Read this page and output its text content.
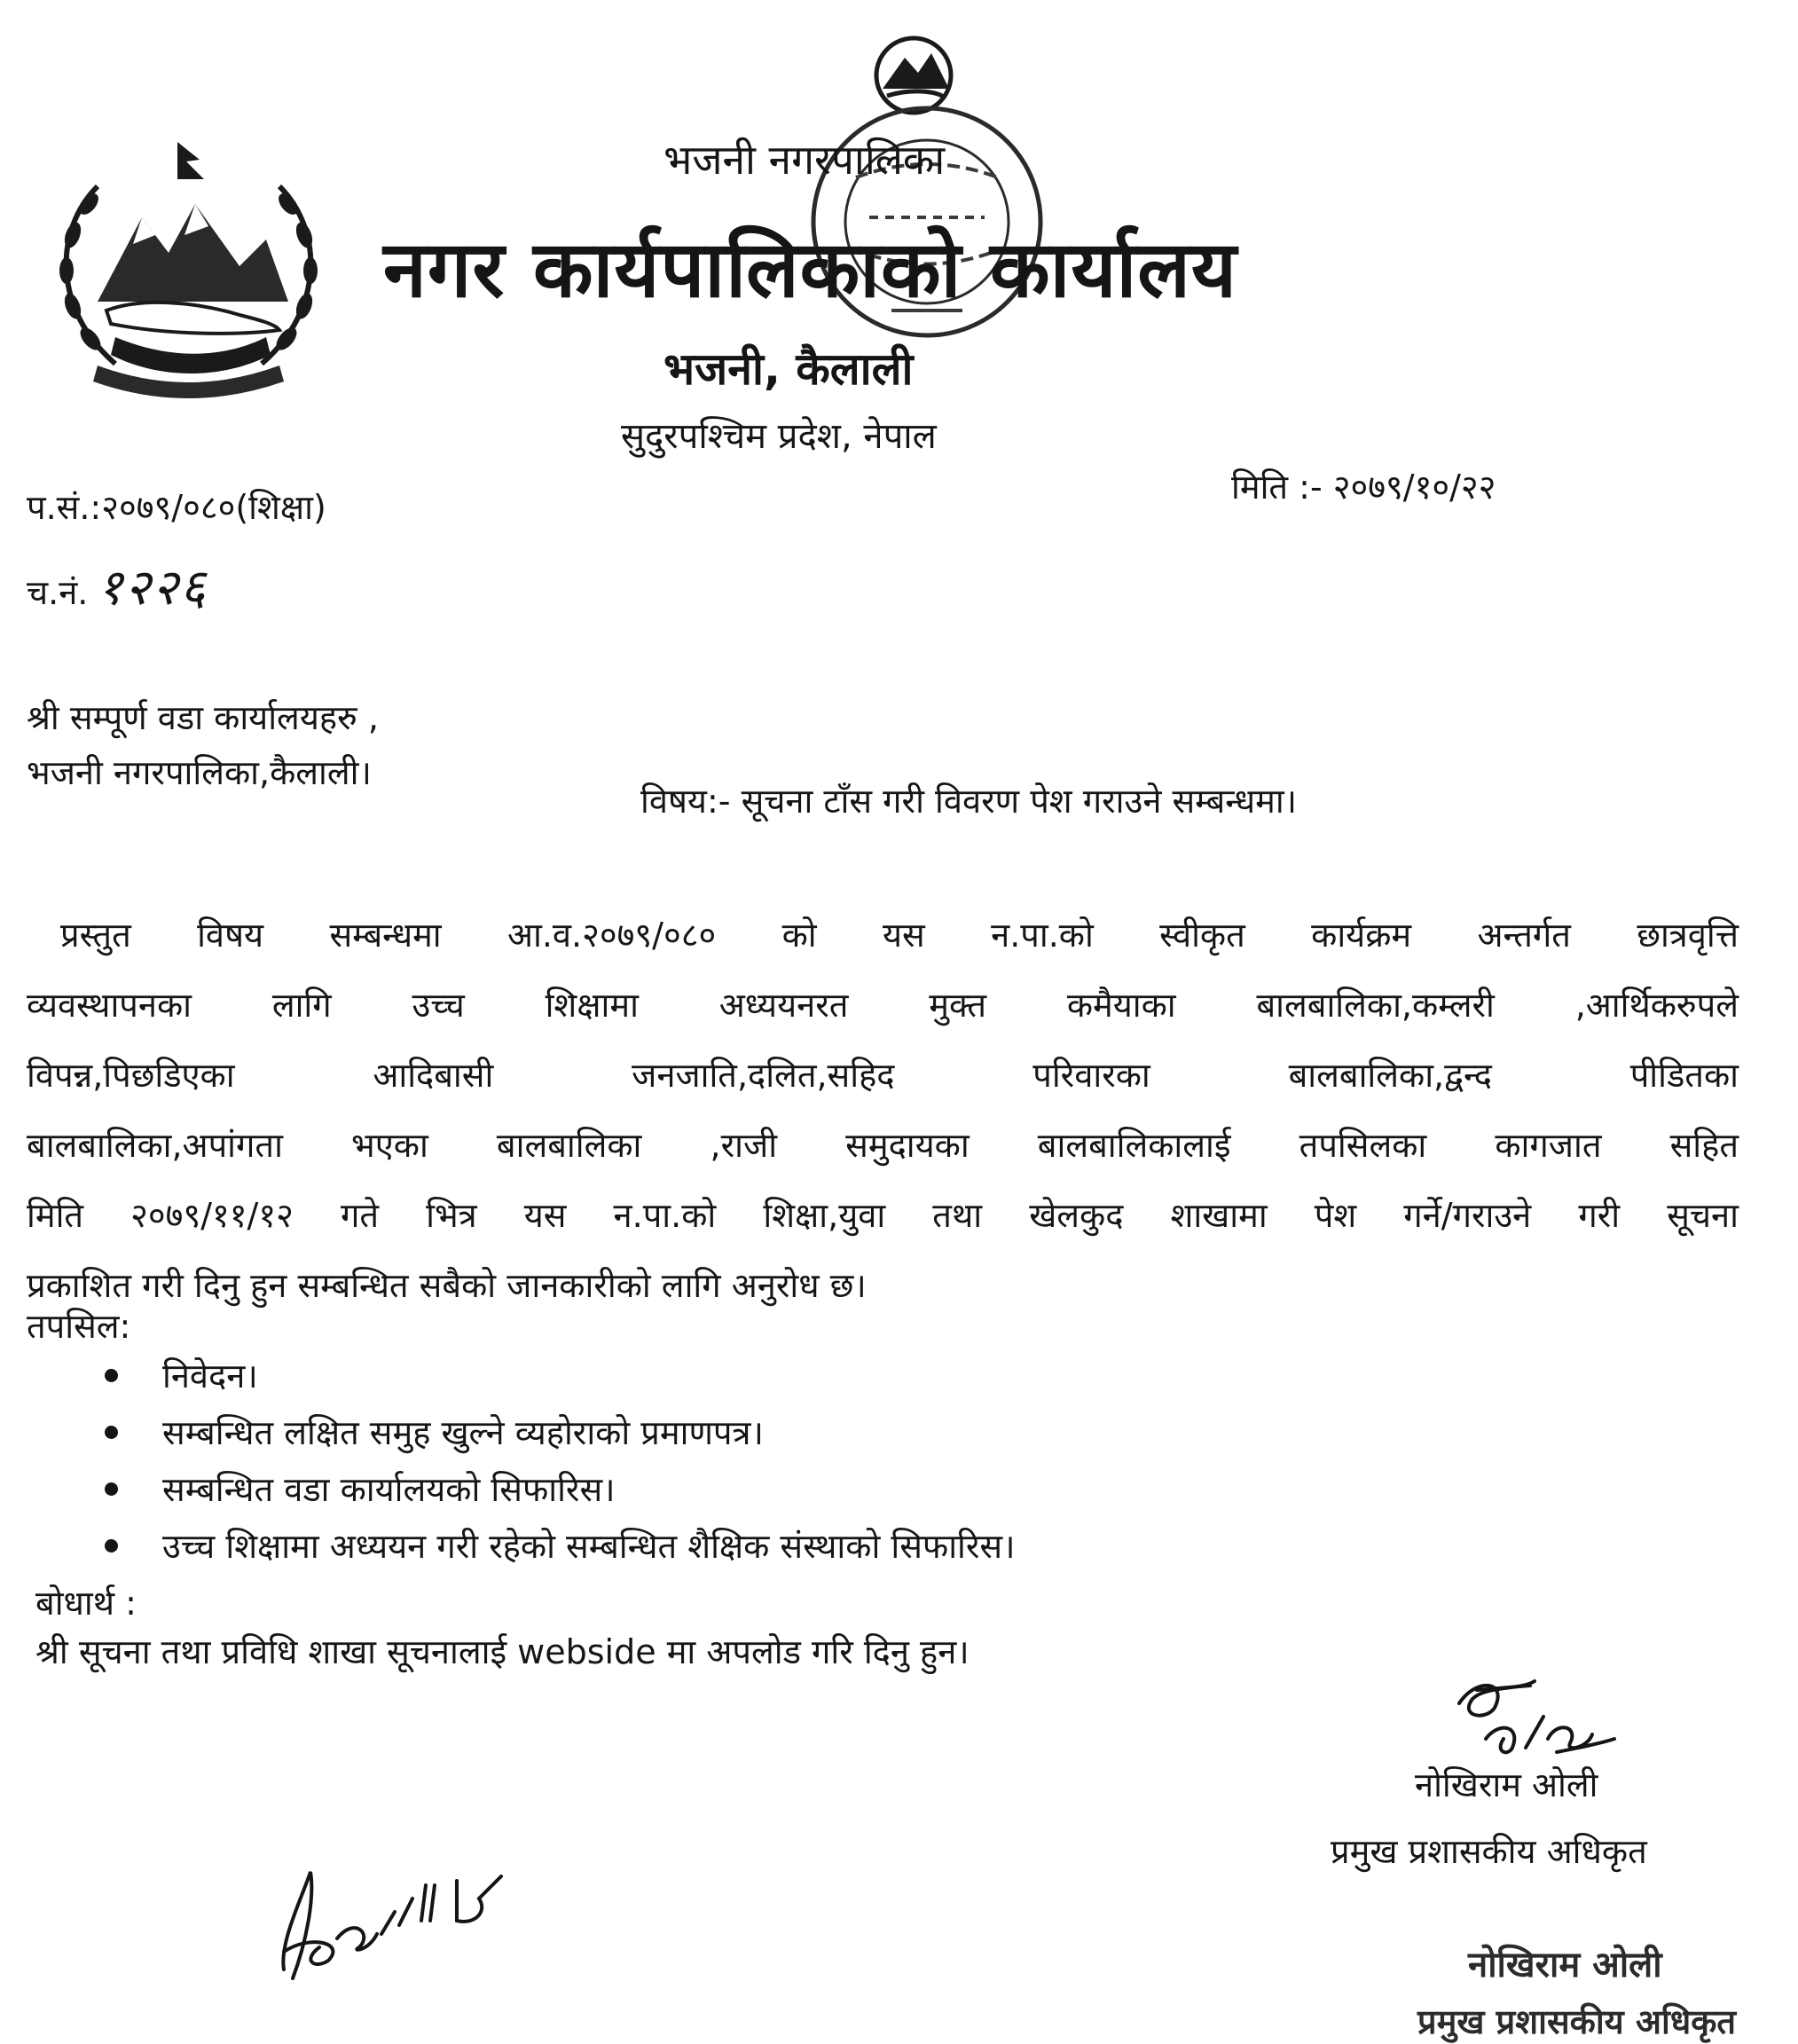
भजनी नगरपालिका
नगर कार्यपालिकाको कार्यालय
भजनी, कैलाली
सुदुरपश्चिम प्रदेश, नेपाल
प.सं.:२०७९/०८०(शिक्षा)
च.नं. १२२६
मिति :- २०७९/१०/२२
श्री सम्पूर्ण वडा कार्यालयहरु ,
भजनी नगरपालिका,कैलाली।
विषय:- सूचना टाँस गरी विवरण पेश गराउने सम्बन्धमा।
प्रस्तुत विषय सम्बन्धमा आ.व.२०७९/०८० को यस न.पा.को स्वीकृत कार्यक्रम अन्तर्गत छात्रवृत्ति
व्यवस्थापनका लागि उच्च शिक्षामा अध्ययनरत मुक्त कमैयाका बालबालिका,कम्लरी ,आर्थिकरुपले
विपन्न,पिछडिएका आदिबासी जनजाति,दलित,सहिद परिवारका बालबालिका,द्वन्द पीडितका
बालबालिका,अपांगता भएका बालबालिका ,राजी समुदायका बालबालिकालाई तपसिलका कागजात सहित
मिति २०७९/११/१२ गते भित्र यस न.पा.को शिक्षा,युवा तथा खेलकुद शाखामा पेश गर्ने/गराउने गरी सूचना
प्रकाशित गरी दिनु हुन सम्बन्धित सबैको जानकारीको लागि अनुरोध छ।
तपसिल:
निवेदन।
सम्बन्धित लक्षित समुह खुल्ने व्यहोराको प्रमाणपत्र।
सम्बन्धित वडा कार्यालयको सिफारिस।
उच्च शिक्षामा अध्ययन गरी रहेको सम्बन्धित शैक्षिक संस्थाको सिफारिस।
बोधार्थ :
श्री सूचना तथा प्रविधि शाखा सूचनालाई webside मा अपलोड गरि दिनु हुन।
नोखिराम ओली
प्रमुख प्रशासकीय अधिकृत
नोखिराम ओली
प्रमुख प्रशासकीय अधिकृत
